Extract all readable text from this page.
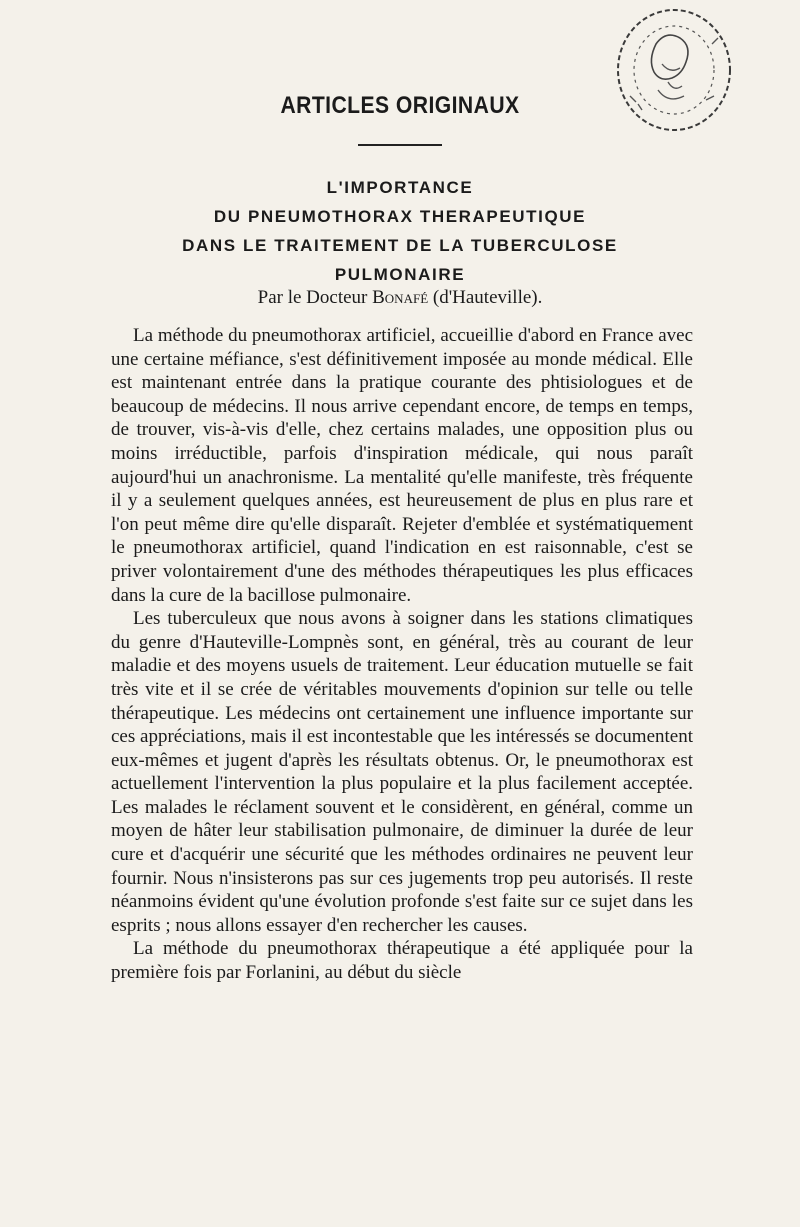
ARTICLES ORIGINAUX
L'IMPORTANCE
DU PNEUMOTHORAX THERAPEUTIQUE
DANS LE TRAITEMENT DE LA TUBERCULOSE
PULMONAIRE
Par le Docteur Bonafé (d'Hauteville).

La méthode du pneumothorax artificiel, accueillie d'abord en France avec une certaine méfiance, s'est définitivement imposée au monde médical. Elle est maintenant entrée dans la pratique courante des phtisiologues et de beaucoup de médecins. Il nous arrive cependant encore, de temps en temps, de trouver, vis-à-vis d'elle, chez certains malades, une opposition plus ou moins irréductible, parfois d'inspiration médicale, qui nous paraît aujourd'hui un anachronisme. La mentalité qu'elle manifeste, très fréquente il y a seulement quelques années, est heureusement de plus en plus rare et l'on peut même dire qu'elle disparaît. Rejeter d'emblée et systématiquement le pneumothorax artificiel, quand l'indication en est raisonnable, c'est se priver volontairement d'une des méthodes thérapeutiques les plus efficaces dans la cure de la bacillose pulmonaire.

Les tuberculeux que nous avons à soigner dans les stations climatiques du genre d'Hauteville-Lompnès sont, en général, très au courant de leur maladie et des moyens usuels de traitement. Leur éducation mutuelle se fait très vite et il se crée de véritables mouvements d'opinion sur telle ou telle thérapeutique. Les médecins ont certainement une influence importante sur ces appréciations, mais il est incontestable que les intéressés se documentent eux-mêmes et jugent d'après les résultats obtenus. Or, le pneumothorax est actuellement l'intervention la plus populaire et la plus facilement acceptée. Les malades le réclament souvent et le considèrent, en général, comme un moyen de hâter leur stabilisation pulmonaire, de diminuer la durée de leur cure et d'acquérir une sécurité que les méthodes ordinaires ne peuvent leur fournir. Nous n'insisterons pas sur ces jugements trop peu autorisés. Il reste néanmoins évident qu'une évolution profonde s'est faite sur ce sujet dans les esprits ; nous allons essayer d'en rechercher les causes.

La méthode du pneumothorax thérapeutique a été appliquée pour la première fois par Forlanini, au début du siècle
